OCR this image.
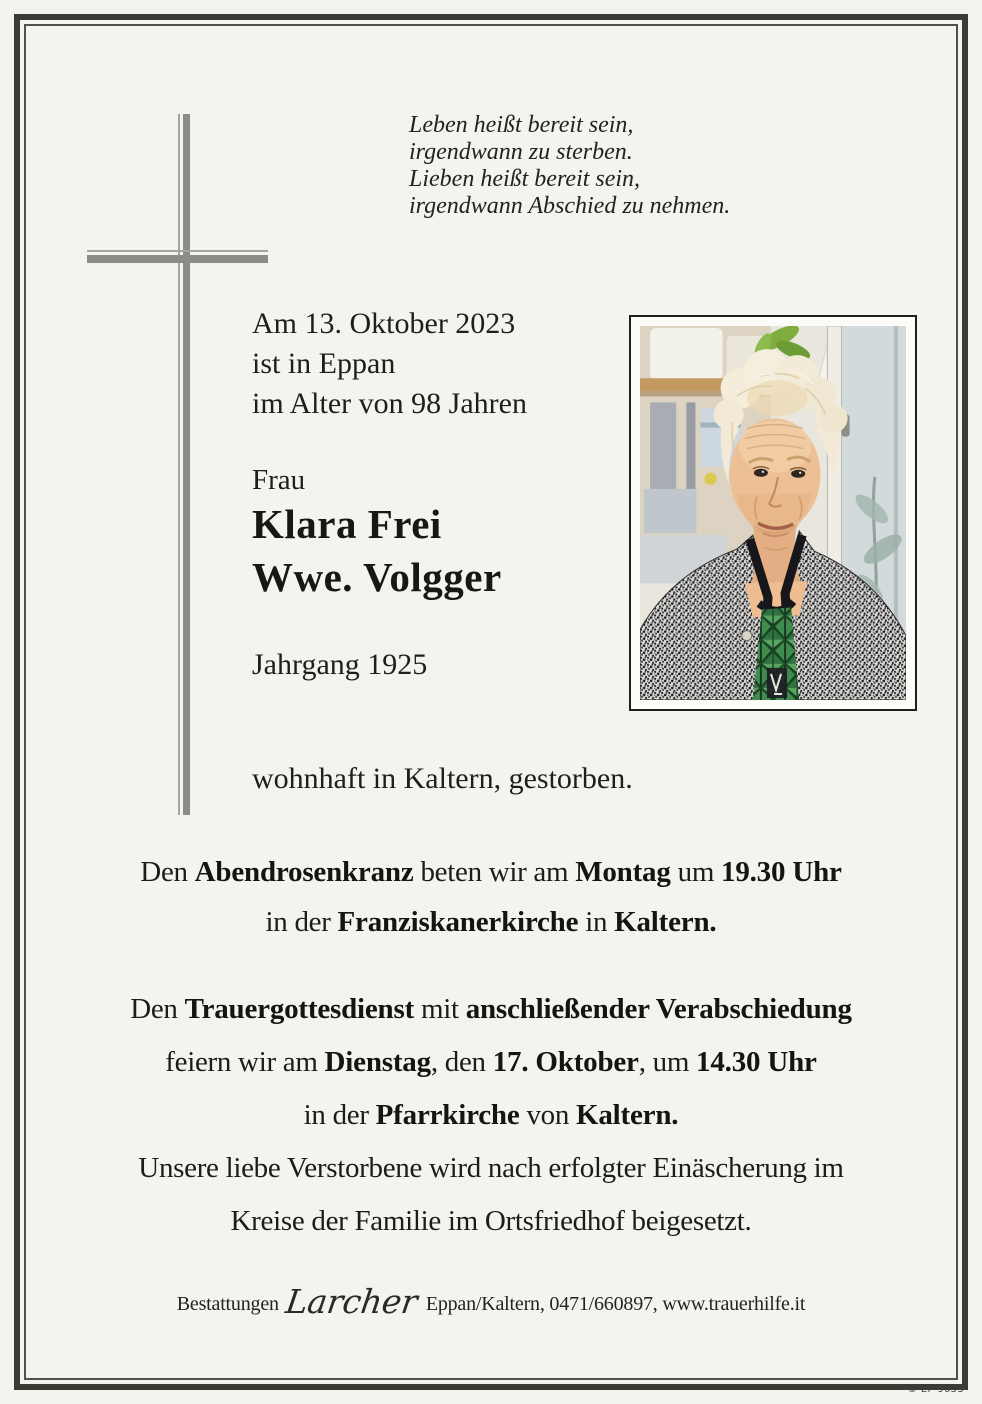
Leben heißt bereit sein,
irgendwann zu sterben.
Lieben heißt bereit sein,
irgendwann Abschied zu nehmen.
Am 13. Oktober 2023
ist in Eppan
im Alter von 98 Jahren
Frau
Klara Frei
Wwe. Volgger
Jahrgang 1925
wohnhaft in Kaltern, gestorben.
Den Abendrosenkranz beten wir am Montag um 19.30 Uhr
in der Franziskanerkirche in Kaltern.
Den Trauergottesdienst mit anschließender Verabschiedung
feiern wir am Dienstag, den 17. Oktober, um 14.30 Uhr
in der Pfarrkirche von Kaltern.
Unsere liebe Verstorbene wird nach erfolgter Einäscherung im
Kreise der Familie im Ortsfriedhof beigesetzt.
Bestattungen Larcher Eppan/Kaltern, 0471/660897, www.trauerhilfe.it
© EP 9053
